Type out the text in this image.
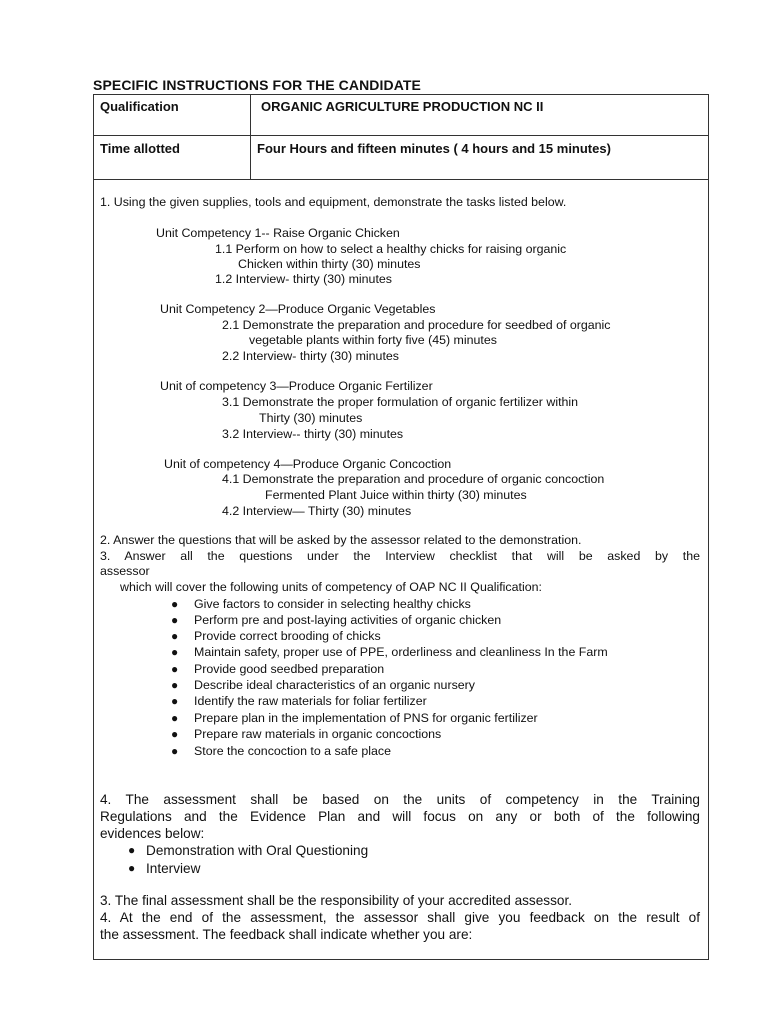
SPECIFIC INSTRUCTIONS FOR THE CANDIDATE
Qualification	ORGANIC AGRICULTURE PRODUCTION NC II
Time allotted	Four Hours and fifteen minutes ( 4 hours and 15 minutes)
1. Using the given supplies, tools and equipment, demonstrate the tasks listed below.
Unit Competency 1-- Raise Organic Chicken
1.1 Perform on how to select a healthy chicks for raising organic
Chicken within thirty (30) minutes
1.2 Interview- thirty (30) minutes
Unit Competency 2—Produce Organic Vegetables
2.1 Demonstrate the preparation and procedure for seedbed of organic
vegetable plants within forty five (45) minutes
2.2 Interview- thirty (30) minutes
Unit of competency 3—Produce Organic Fertilizer
3.1 Demonstrate the proper formulation of organic fertilizer within
Thirty (30) minutes
3.2 Interview-- thirty (30) minutes
Unit of competency 4—Produce Organic Concoction
4.1 Demonstrate the preparation and procedure of organic concoction
Fermented Plant Juice within thirty (30) minutes
4.2 Interview— Thirty (30) minutes
2. Answer the questions that will be asked by the assessor related to the demonstration.
3. Answer all the questions under the Interview checklist that will be asked by the
assessor
which will cover the following units of competency of OAP NC II Qualification:
● Give factors to consider in selecting healthy chicks
● Perform pre and post-laying activities of organic chicken
● Provide correct brooding of chicks
● Maintain safety, proper use of PPE, orderliness and cleanliness In the Farm
● Provide good seedbed preparation
● Describe ideal characteristics of an organic nursery
● Identify the raw materials for foliar fertilizer
● Prepare plan in the implementation of PNS for organic fertilizer
● Prepare raw materials in organic concoctions
● Store the concoction to a safe place
4. The assessment shall be based on the units of competency in the Training
Regulations and the Evidence Plan and will focus on any or both of the following
evidences below:
● Demonstration with Oral Questioning
● Interview
3. The final assessment shall be the responsibility of your accredited assessor.
4. At the end of the assessment, the assessor shall give you feedback on the result of
the assessment. The feedback shall indicate whether you are:
